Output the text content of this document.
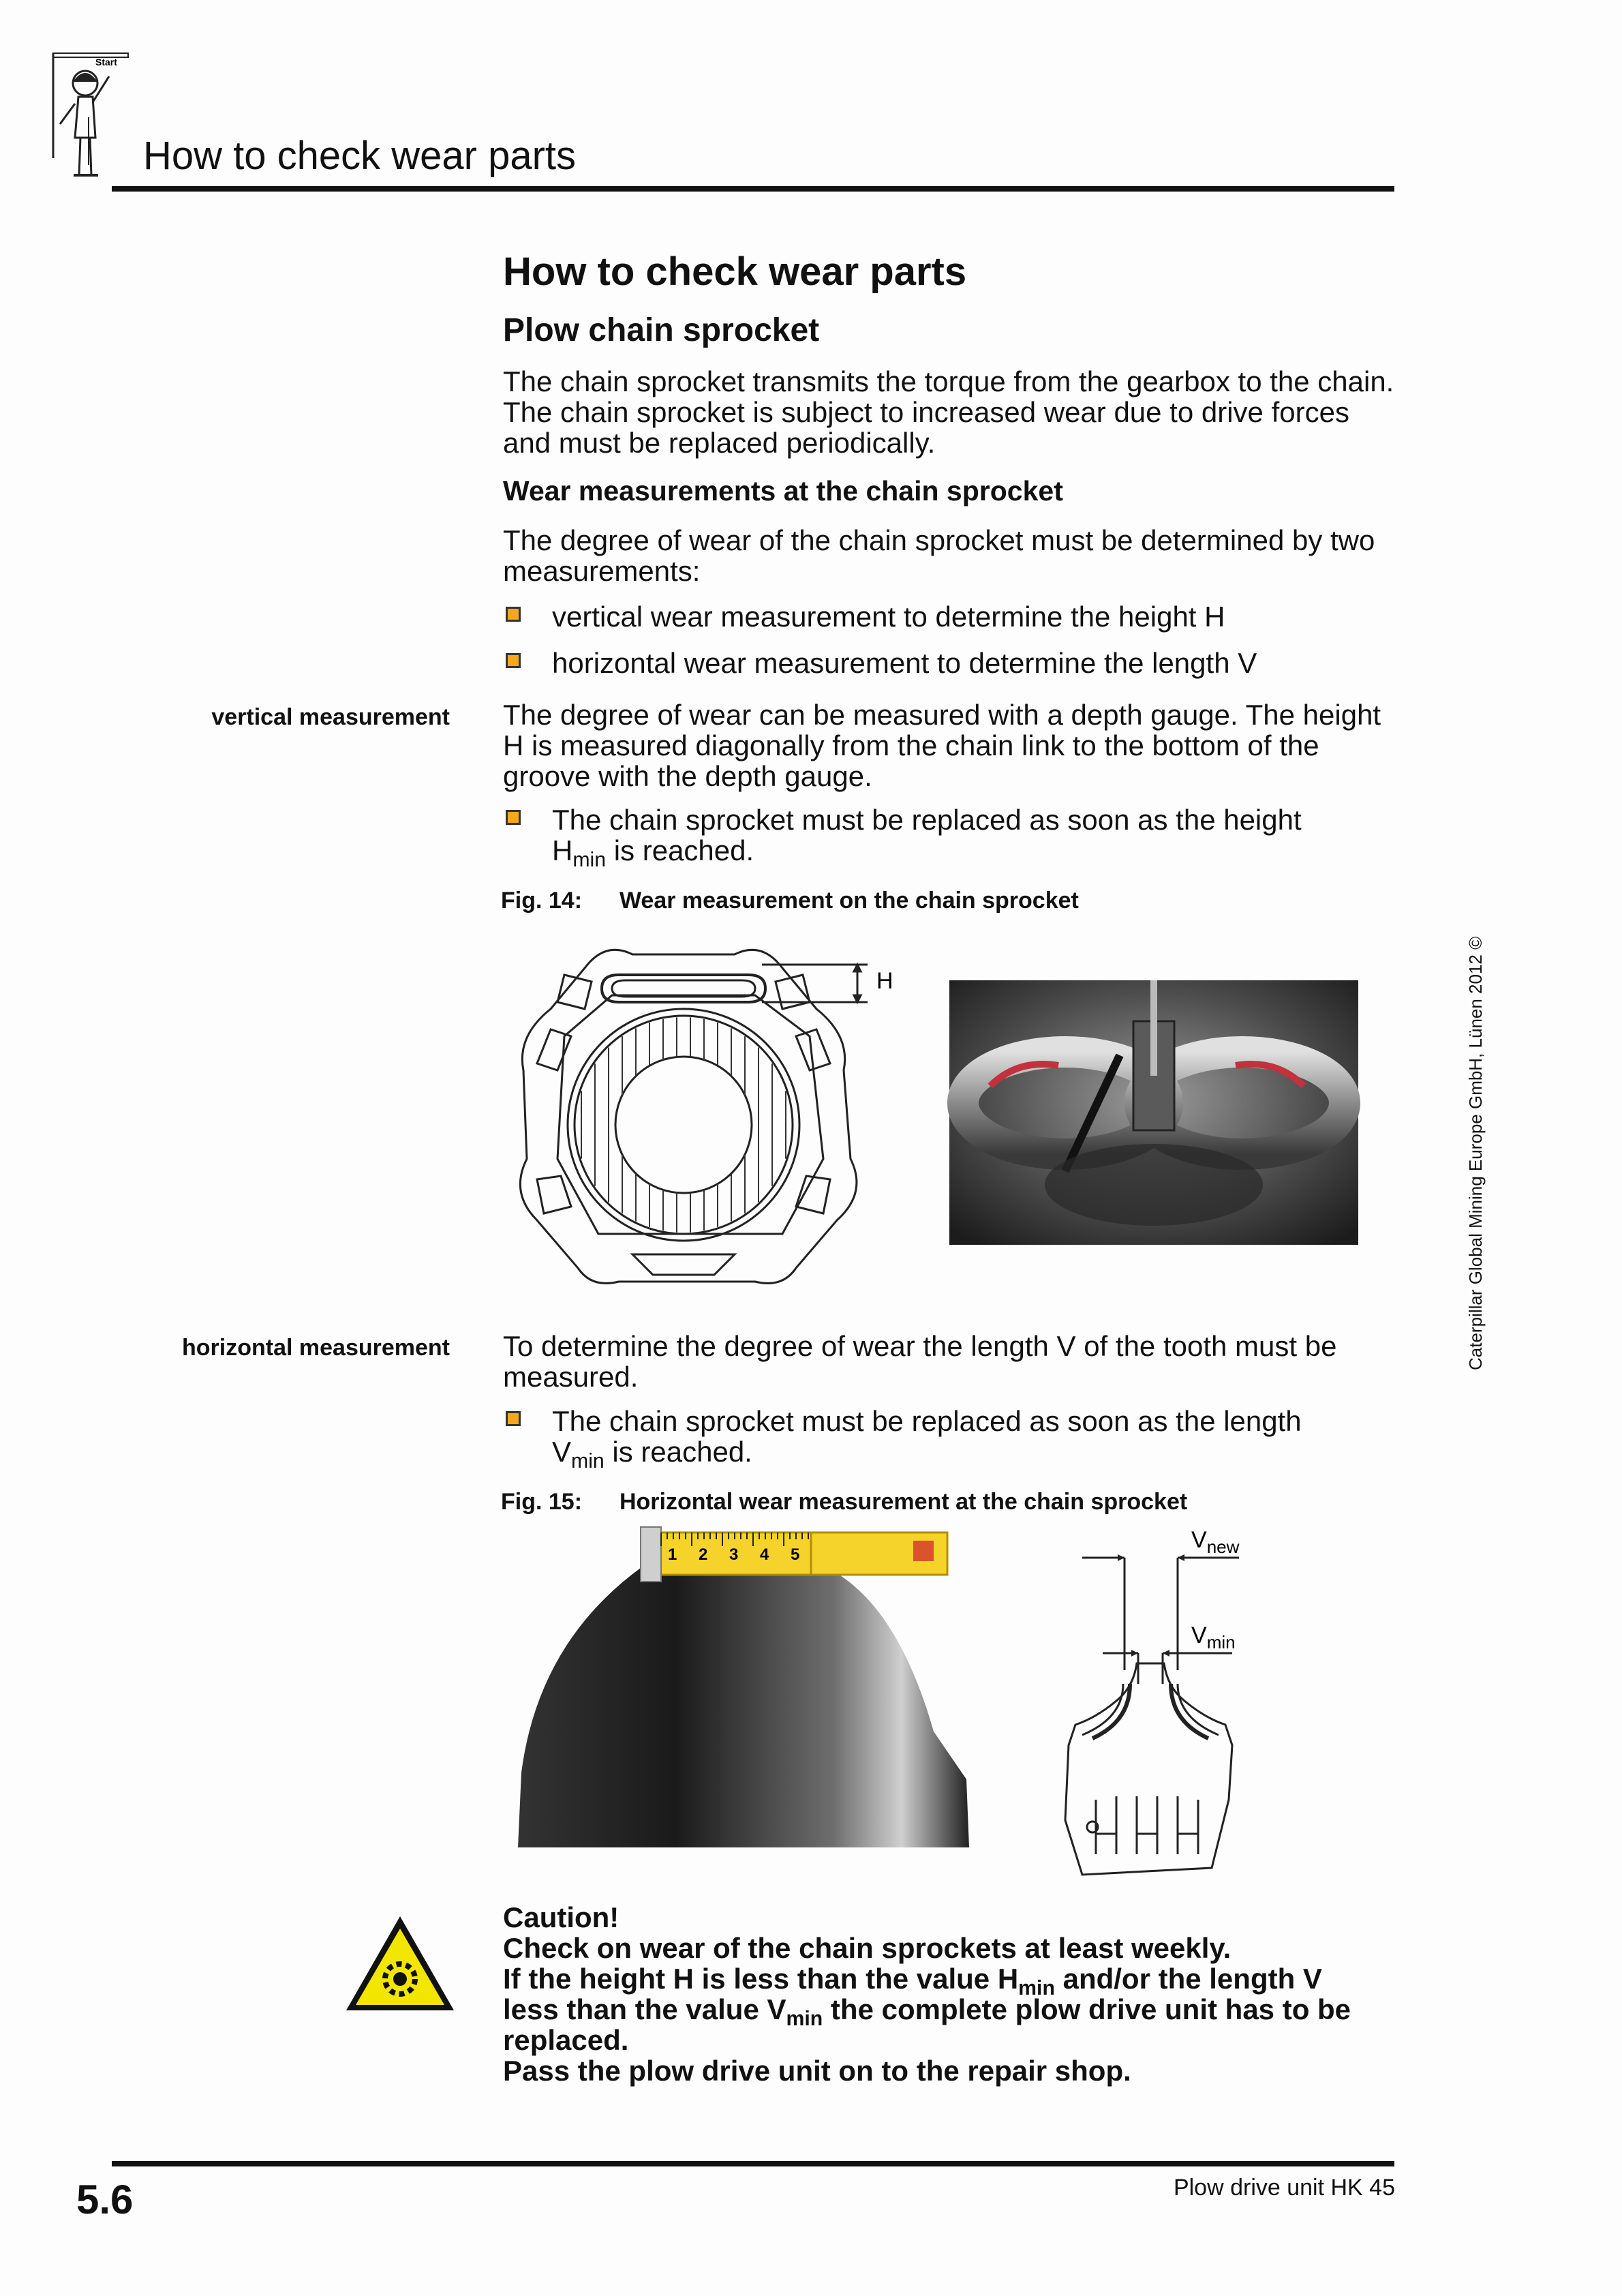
Start
How to check wear parts
How to check wear parts
Plow chain sprocket
The chain sprocket transmits the torque from the gearbox to the chain. The chain sprocket is subject to increased wear due to drive forces and must be replaced periodically.
Wear measurements at the chain sprocket
The degree of wear of the chain sprocket must be determined by two measurements:
vertical wear measurement to determine the height H
horizontal wear measurement to determine the length V
vertical measurement The degree of wear can be measured with a depth gauge. The height H is measured diagonally from the chain link to the bottom of the groove with the depth gauge.
The chain sprocket must be replaced as soon as the height
$H_{min}$ is reached.
Fig. 14: Wear measurement on the chain sprocket
H
horizontal measurement To determine the degree of wear the length V of the tooth must be measured.
The chain sprocket must be replaced as soon as the length
$V_{min}$ is reached.
Fig. 15: Horizontal wear measurement at the chain sprocket
1 2 3 4 5
$V_{new}$
$V_{min}$
Caution!
Check on wear of the chain sprockets at least weekly.
If the height H is less than the value $H_{min}$ and/or the length V
less than the value $V_{min}$ the complete plow drive unit has to be
replaced.
Pass the plow drive unit on to the repair shop.
Caterpillar Global Mining Europe GmbH, Lünen 2012 ©
5.6	Plow drive unit HK 45
